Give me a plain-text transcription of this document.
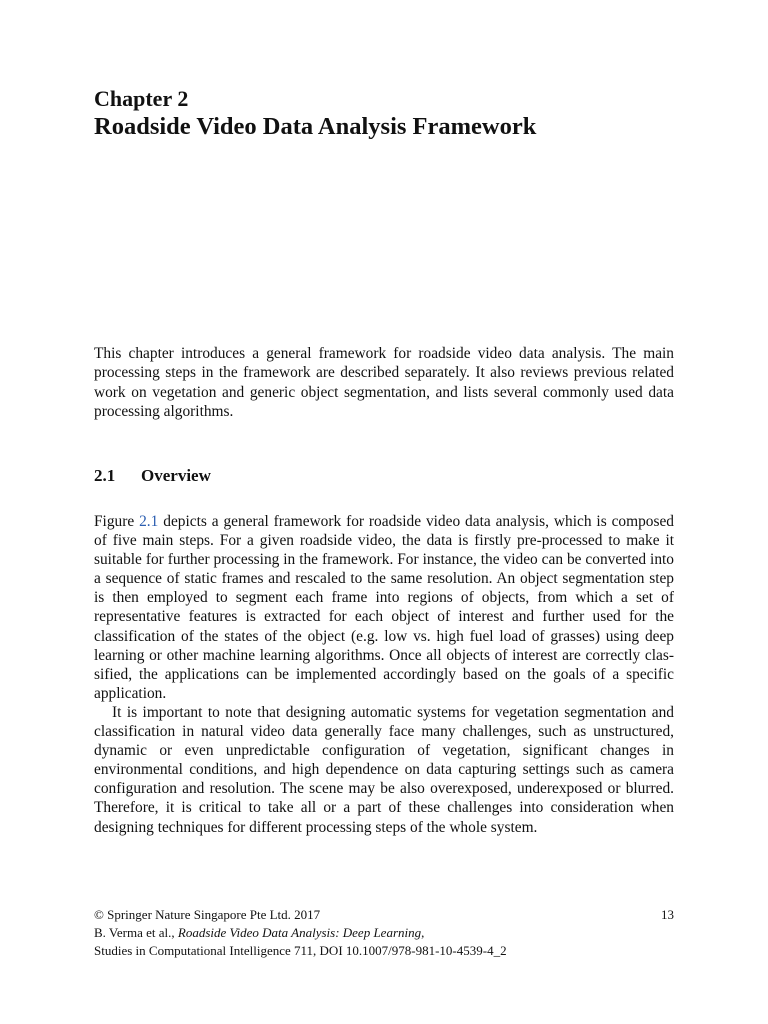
Chapter 2
Roadside Video Data Analysis Framework

This chapter introduces a general framework for roadside video data analysis. The main processing steps in the framework are described separately. It also reviews previous related work on vegetation and generic object segmentation, and lists several commonly used data processing algorithms.

2.1 Overview

Figure 2.1 depicts a general framework for roadside video data analysis, which is composed of five main steps. For a given roadside video, the data is firstly pre-processed to make it suitable for further processing in the framework. For instance, the video can be converted into a sequence of static frames and rescaled to the same resolution. An object segmentation step is then employed to segment each frame into regions of objects, from which a set of representative features is extracted for each object of interest and further used for the classification of the states of the object (e.g. low vs. high fuel load of grasses) using deep learning or other machine learning algorithms. Once all objects of interest are correctly classified, the applications can be implemented accordingly based on the goals of a specific application.

It is important to note that designing automatic systems for vegetation segmentation and classification in natural video data generally face many challenges, such as unstructured, dynamic or even unpredictable configuration of vegetation, significant changes in environmental conditions, and high dependence on data capturing settings such as camera configuration and resolution. The scene may be also overexposed, underexposed or blurred. Therefore, it is critical to take all or a part of these challenges into consideration when designing techniques for different processing steps of the whole system.

© Springer Nature Singapore Pte Ltd. 2017
B. Verma et al., Roadside Video Data Analysis: Deep Learning,
Studies in Computational Intelligence 711, DOI 10.1007/978-981-10-4539-4_2
13
